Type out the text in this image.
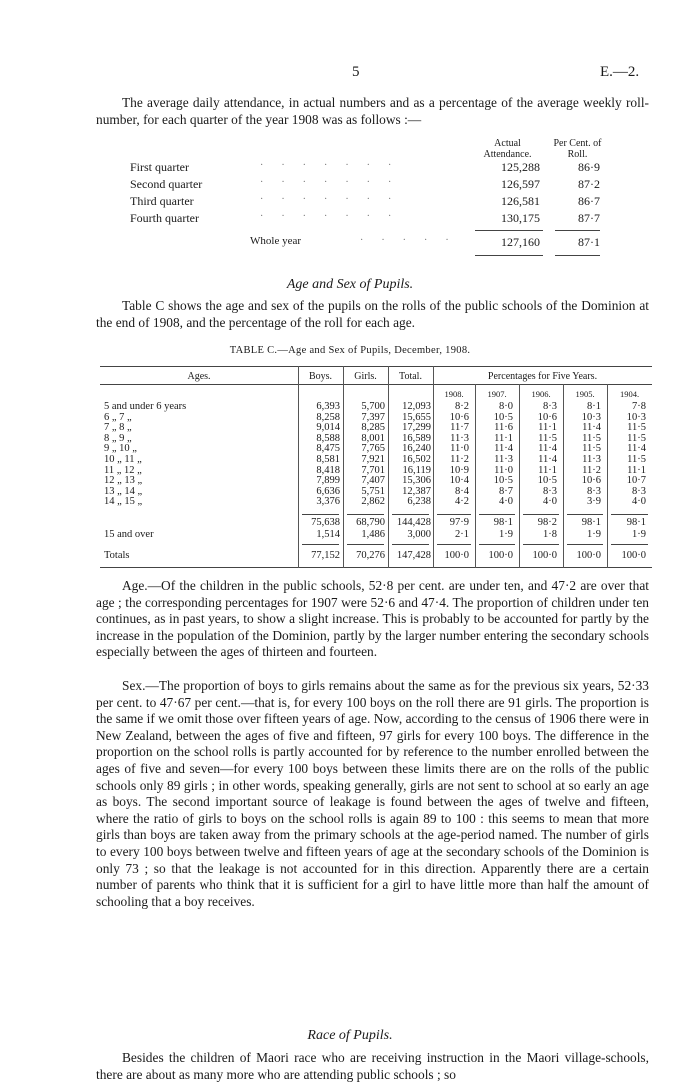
5	E.—2.
The average daily attendance, in actual numbers and as a percentage of the average weekly roll-number, for each quarter of the year 1908 was as follows :—
Actual Attendance.
Per Cent. of Roll.
First quarter	·······	125,288	86·9
Second quarter	·······	126,597	87·2
Third quarter	·······	126,581	86·7
Fourth quarter	·······	130,175	87·7
Whole year	·····	127,160	87·1
Age and Sex of Pupils.
Table C shows the age and sex of the pupils on the rolls of the public schools of the Dominion at the end of 1908, and the percentage of the roll for each age.
TABLE C.—Age and Sex of Pupils, December, 1908.
Ages.	Boys.	Girls.	Total.	Percentages for Five Years.
1908.	1907.	1906.	1905.	1904.
5 and under 6 years	6,393	5,700	12,093	8·2	8·0	8·3	8·1	7·8
6 „ 7 „	8,258	7,397	15,655	10·6	10·5	10·6	10·3	10·3
7 „ 8 „	9,014	8,285	17,299	11·7	11·6	11·1	11·4	11·5
8 „ 9 „	8,588	8,001	16,589	11·3	11·1	11·5	11·5	11·5
9 „ 10 „	8,475	7,765	16,240	11·0	11·4	11·4	11·5	11·4
10 „ 11 „	8,581	7,921	16,502	11·2	11·3	11·4	11·3	11·5
11 „ 12 „	8,418	7,701	16,119	10·9	11·0	11·1	11·2	11·1
12 „ 13 „	7,899	7,407	15,306	10·4	10·5	10·5	10·6	10·7
13 „ 14 „	6,636	5,751	12,387	8·4	8·7	8·3	8·3	8·3
14 „ 15 „	3,376	2,862	6,238	4·2	4·0	4·0	3·9	4·0
75,638	68,790	144,428	97·9	98·1	98·2	98·1	98·1
15 and over	1,514	1,486	3,000	2·1	1·9	1·8	1·9	1·9
Totals	77,152	70,276	147,428	100·0	100·0	100·0	100·0	100·0
Age.—Of the children in the public schools, 52·8 per cent. are under ten, and 47·2 are over that age ; the corresponding percentages for 1907 were 52·6 and 47·4. The proportion of children under ten continues, as in past years, to show a slight increase. This is probably to be accounted for partly by the increase in the population of the Dominion, partly by the larger number entering the secondary schools especially between the ages of thirteen and fourteen.
Sex.—The proportion of boys to girls remains about the same as for the previous six years, 52·33 per cent. to 47·67 per cent.—that is, for every 100 boys on the roll there are 91 girls. The proportion is the same if we omit those over fifteen years of age. Now, according to the census of 1906 there were in New Zealand, between the ages of five and fifteen, 97 girls for every 100 boys. The difference in the proportion on the school rolls is partly accounted for by reference to the number enrolled between the ages of five and seven—for every 100 boys between these limits there are on the rolls of the public schools only 89 girls ; in other words, speaking generally, girls are not sent to school at so early an age as boys. The second important source of leakage is found between the ages of twelve and fifteen, where the ratio of girls to boys on the school rolls is again 89 to 100 : this seems to mean that more girls than boys are taken away from the primary schools at the age-period named. The number of girls to every 100 boys between twelve and fifteen years of age at the secondary schools of the Dominion is only 73 ; so that the leakage is not accounted for in this direction. Apparently there are a certain number of parents who think that it is sufficient for a girl to have little more than half the amount of schooling that a boy receives.
Race of Pupils.
Besides the children of Maori race who are receiving instruction in the Maori village-schools, there are about as many more who are attending public schools ; so
